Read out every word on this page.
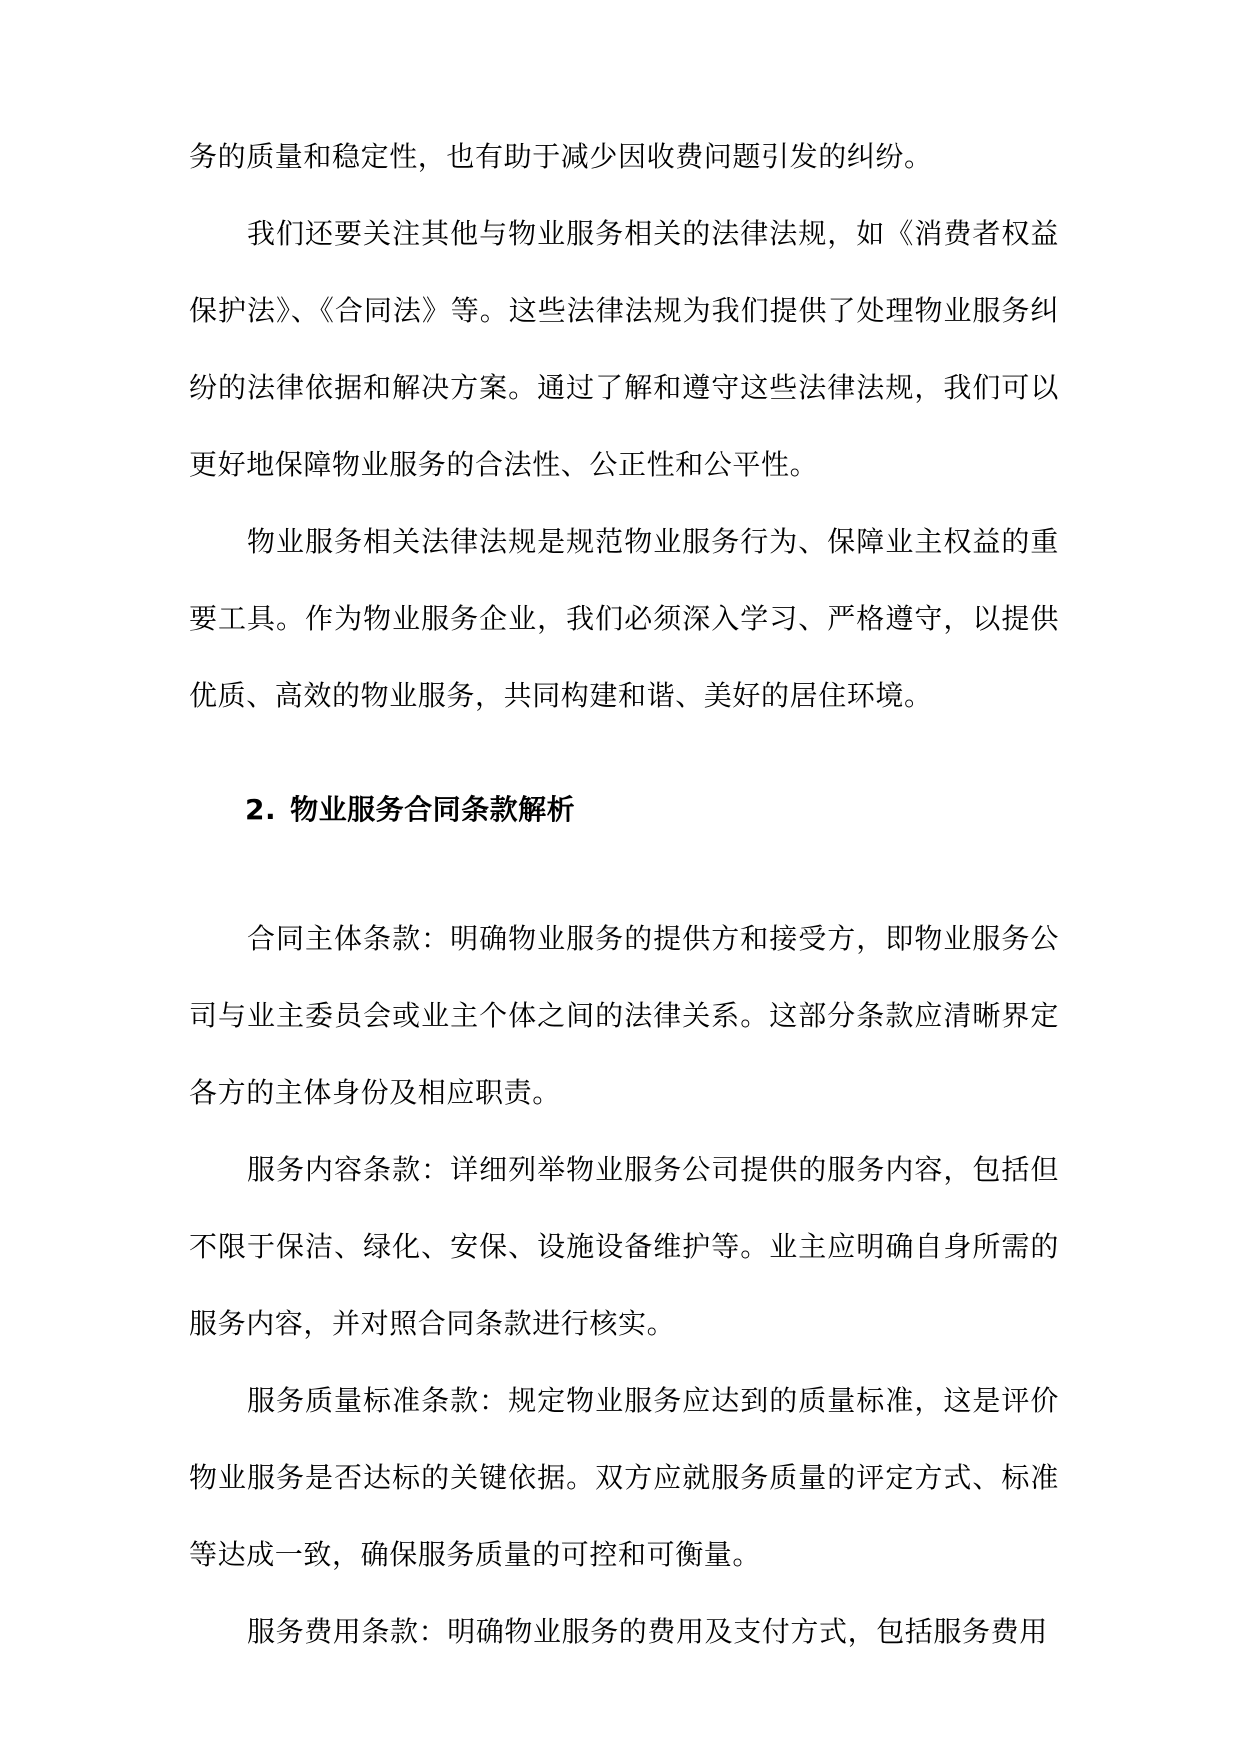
务的质量和稳定性，也有助于减少因收费问题引发的纠纷。

我们还要关注其他与物业服务相关的法律法规，如《消费者权益保护法》、《合同法》等。这些法律法规为我们提供了处理物业服务纠纷的法律依据和解决方案。通过了解和遵守这些法律法规，我们可以更好地保障物业服务的合法性、公正性和公平性。

物业服务相关法律法规是规范物业服务行为、保障业主权益的重要工具。作为物业服务企业，我们必须深入学习、严格遵守，以提供优质、高效的物业服务，共同构建和谐、美好的居住环境。

2. 物业服务合同条款解析

合同主体条款：明确物业服务的提供方和接受方，即物业服务公司与业主委员会或业主个体之间的法律关系。这部分条款应清晰界定各方的主体身份及相应职责。

服务内容条款：详细列举物业服务公司提供的服务内容，包括但不限于保洁、绿化、安保、设施设备维护等。业主应明确自身所需的服务内容，并对照合同条款进行核实。

服务质量标准条款：规定物业服务应达到的质量标准，这是评价物业服务是否达标的关键依据。双方应就服务质量的评定方式、标准等达成一致，确保服务质量的可控和可衡量。

服务费用条款：明确物业服务的费用及支付方式，包括服务费用
